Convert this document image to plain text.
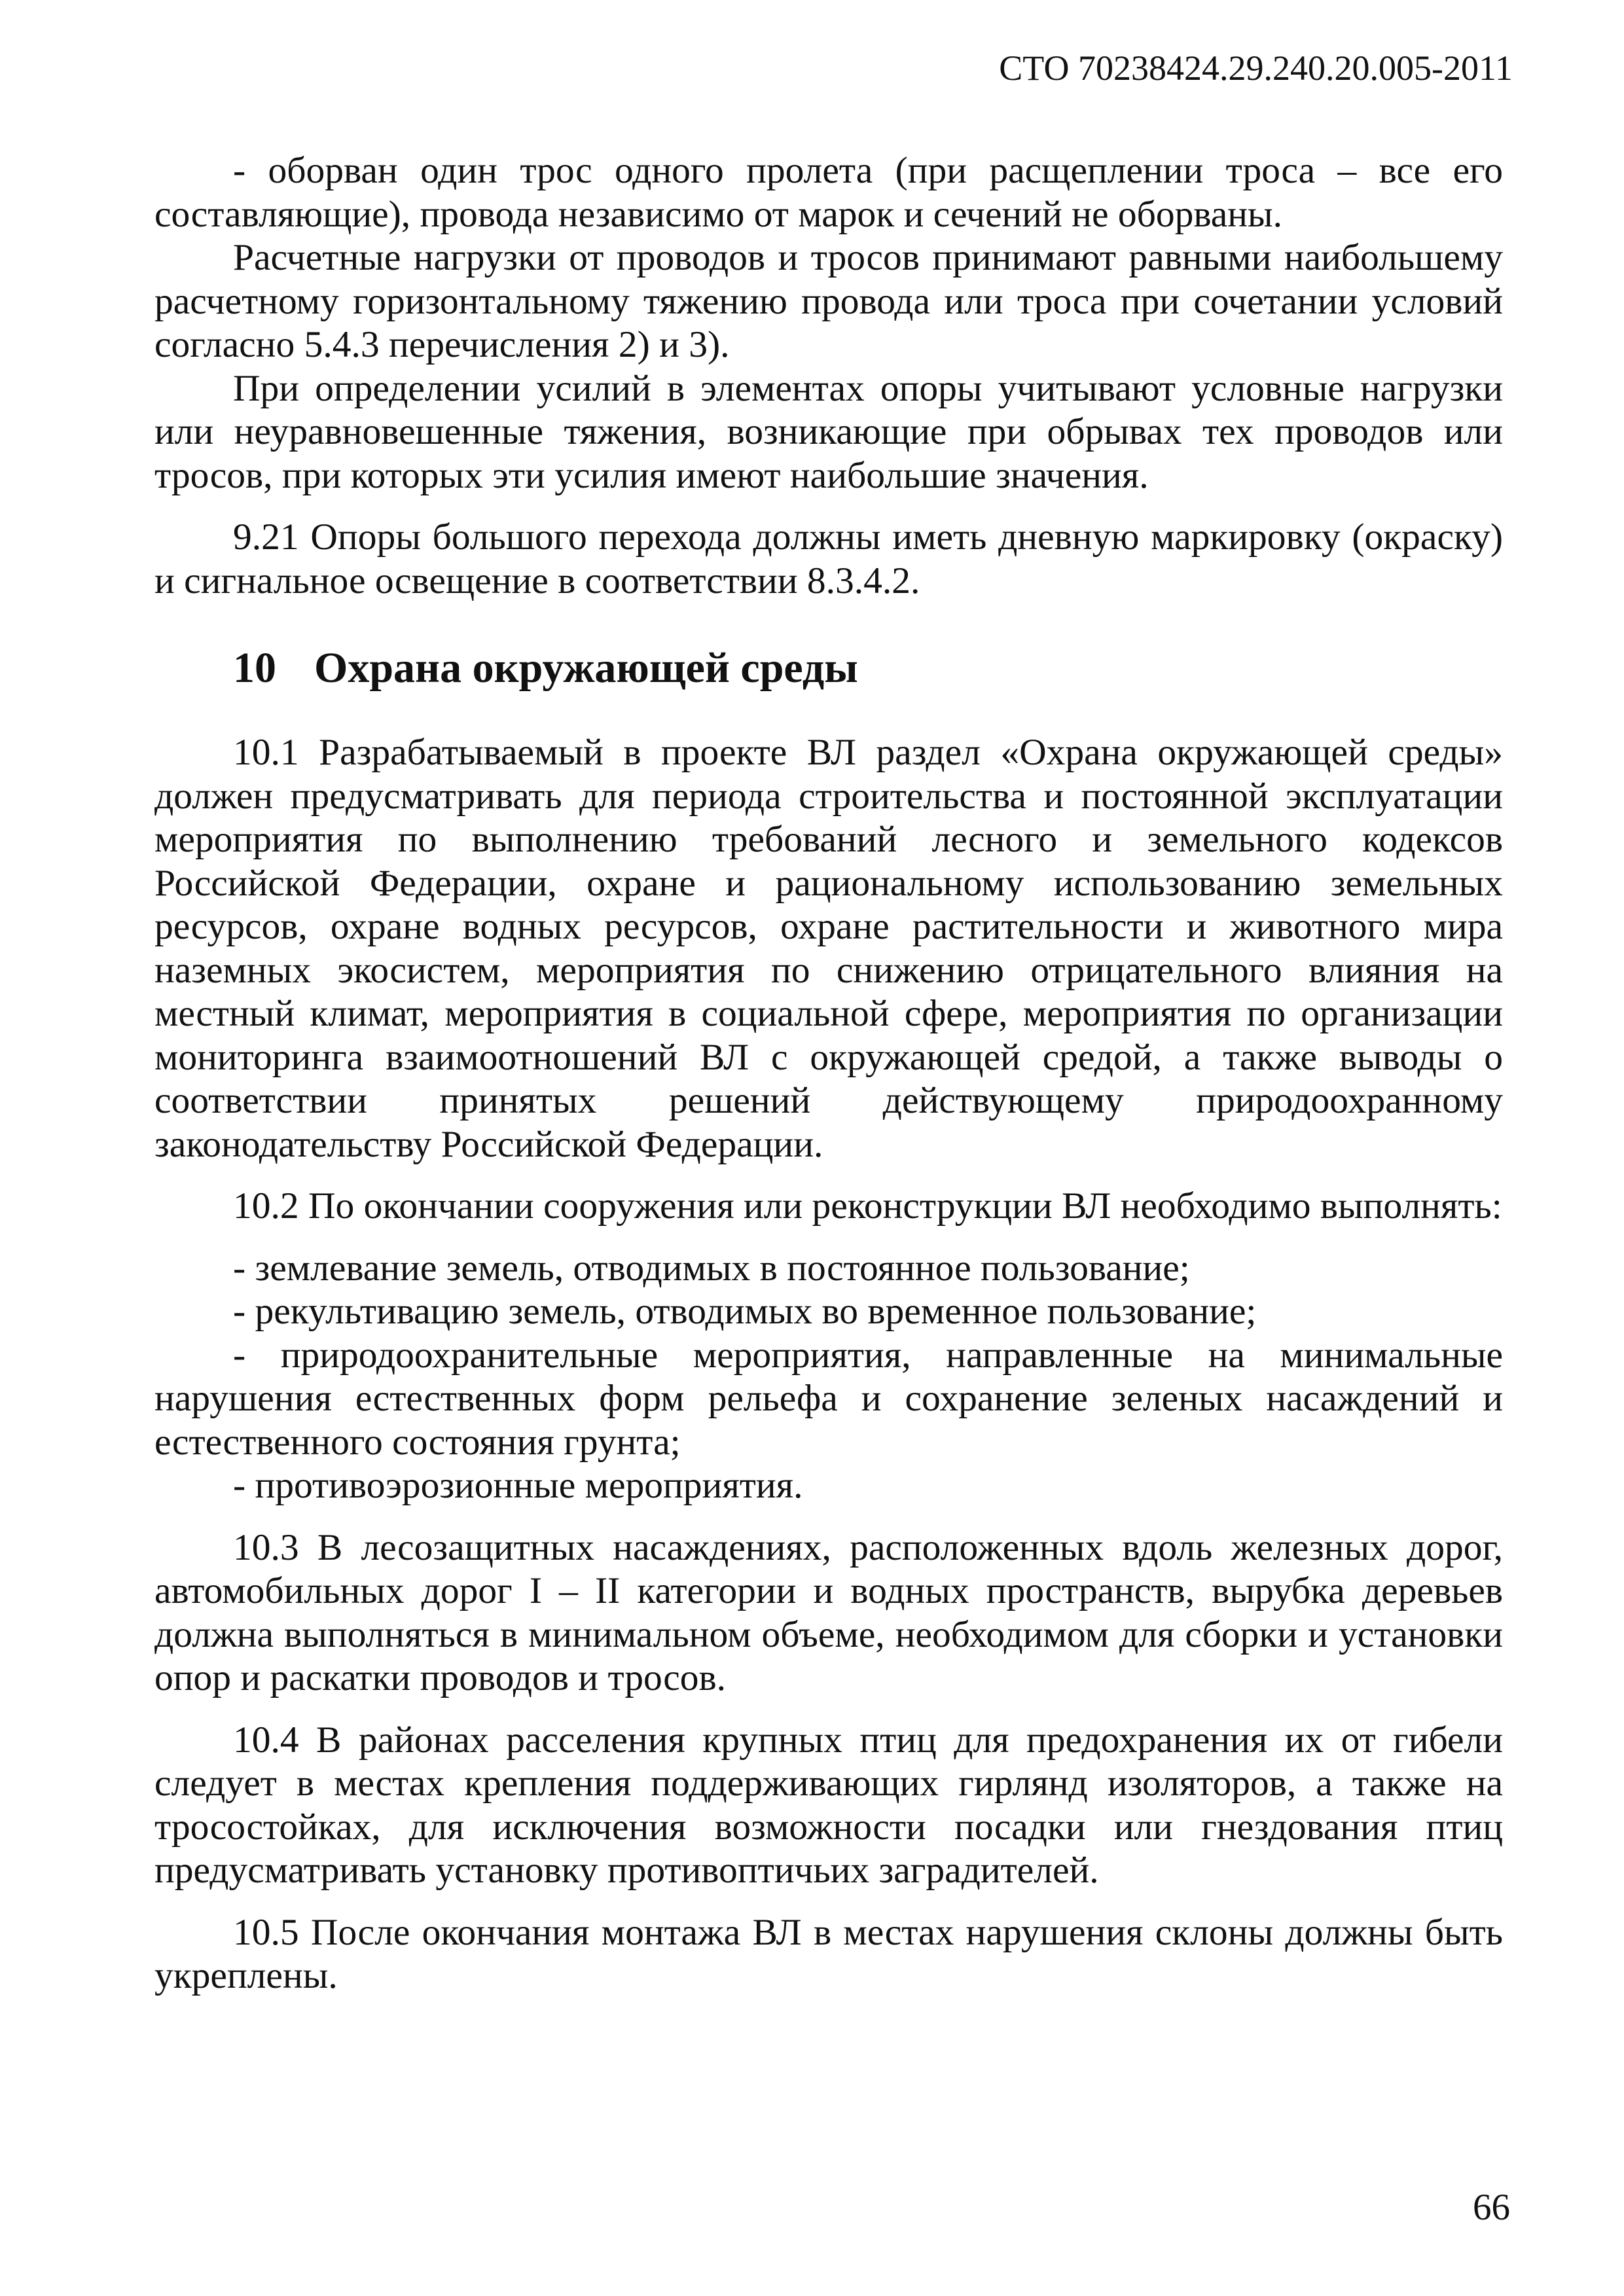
СТО 70238424.29.240.20.005-2011

- оборван один трос одного пролета (при расщеплении троса – все его составляющие), провода независимо от марок и сечений не оборваны.

Расчетные нагрузки от проводов и тросов принимают равными наибольшему расчетному горизонтальному тяжению провода или троса при сочетании условий согласно 5.4.3 перечисления 2) и 3).

При определении усилий в элементах опоры учитывают условные нагрузки или неуравновешенные тяжения, возникающие при обрывах тех проводов или тросов, при которых эти усилия имеют наибольшие значения.

9.21 Опоры большого перехода должны иметь дневную маркировку (окраску) и сигнальное освещение в соответствии 8.3.4.2.

10 Охрана окружающей среды

10.1 Разрабатываемый в проекте ВЛ раздел «Охрана окружающей среды» должен предусматривать для периода строительства и постоянной эксплуатации мероприятия по выполнению требований лесного и земельного кодексов Российской Федерации, охране и рациональному использованию земельных ресурсов, охране водных ресурсов, охране растительности и животного мира наземных экосистем, мероприятия по снижению отрицательного влияния на местный климат, мероприятия в социальной сфере, мероприятия по организации мониторинга взаимоотношений ВЛ с окружающей средой, а также выводы о соответствии принятых решений действующему природоохранному законодательству Российской Федерации.

10.2 По окончании сооружения или реконструкции ВЛ необходимо выполнять:

- землевание земель, отводимых в постоянное пользование;

- рекультивацию земель, отводимых во временное пользование;

- природоохранительные мероприятия, направленные на минимальные нарушения естественных форм рельефа и сохранение зеленых насаждений и естественного состояния грунта;

- противоэрозионные мероприятия.

10.3 В лесозащитных насаждениях, расположенных вдоль железных дорог, автомобильных дорог I – II категории и водных пространств, вырубка деревьев должна выполняться в минимальном объеме, необходимом для сборки и установки опор и раскатки проводов и тросов.

10.4 В районах расселения крупных птиц для предохранения их от гибели следует в местах крепления поддерживающих гирлянд изоляторов, а также на тросостойках, для исключения возможности посадки или гнездования птиц предусматривать установку противоптичьих заградителей.

10.5 После окончания монтажа ВЛ в местах нарушения склоны должны быть укреплены.

66
